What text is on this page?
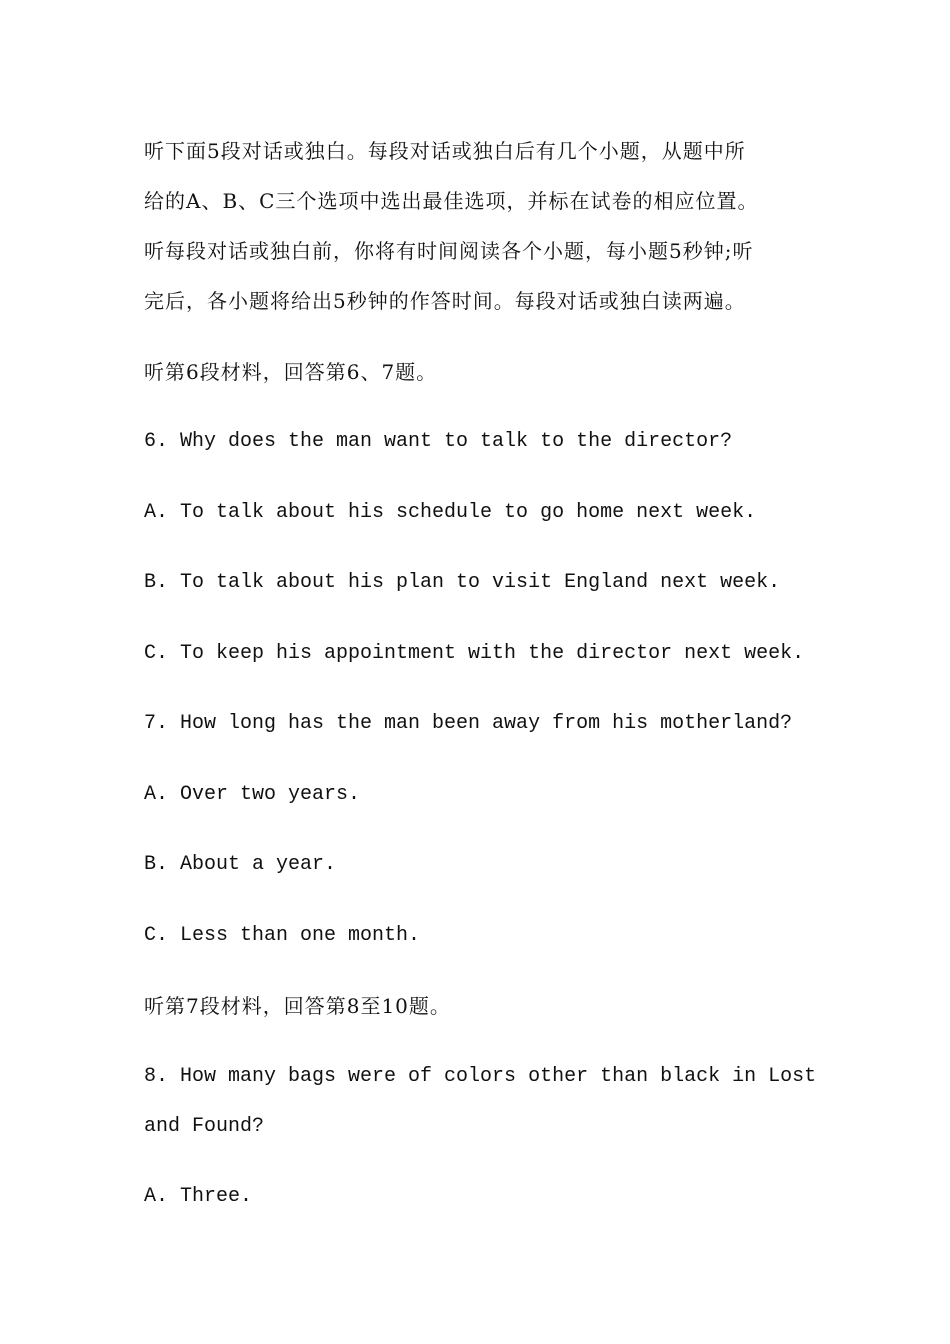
听下面5段对话或独白。每段对话或独白后有几个小题，从题中所
给的A、B、C三个选项中选出最佳选项，并标在试卷的相应位置。
听每段对话或独白前，你将有时间阅读各个小题，每小题5秒钟;听
完后，各小题将给出5秒钟的作答时间。每段对话或独白读两遍。
听第6段材料，回答第6、7题。
6. Why does the man want to talk to the director?
A. To talk about his schedule to go home next week.
B. To talk about his plan to visit England next week.
C. To keep his appointment with the director next week.
7. How long has the man been away from his motherland?
A. Over two years.
B. About a year.
C. Less than one month.
听第7段材料，回答第8至10题。
8. How many bags were of colors other than black in Lost
and Found?
A. Three.
